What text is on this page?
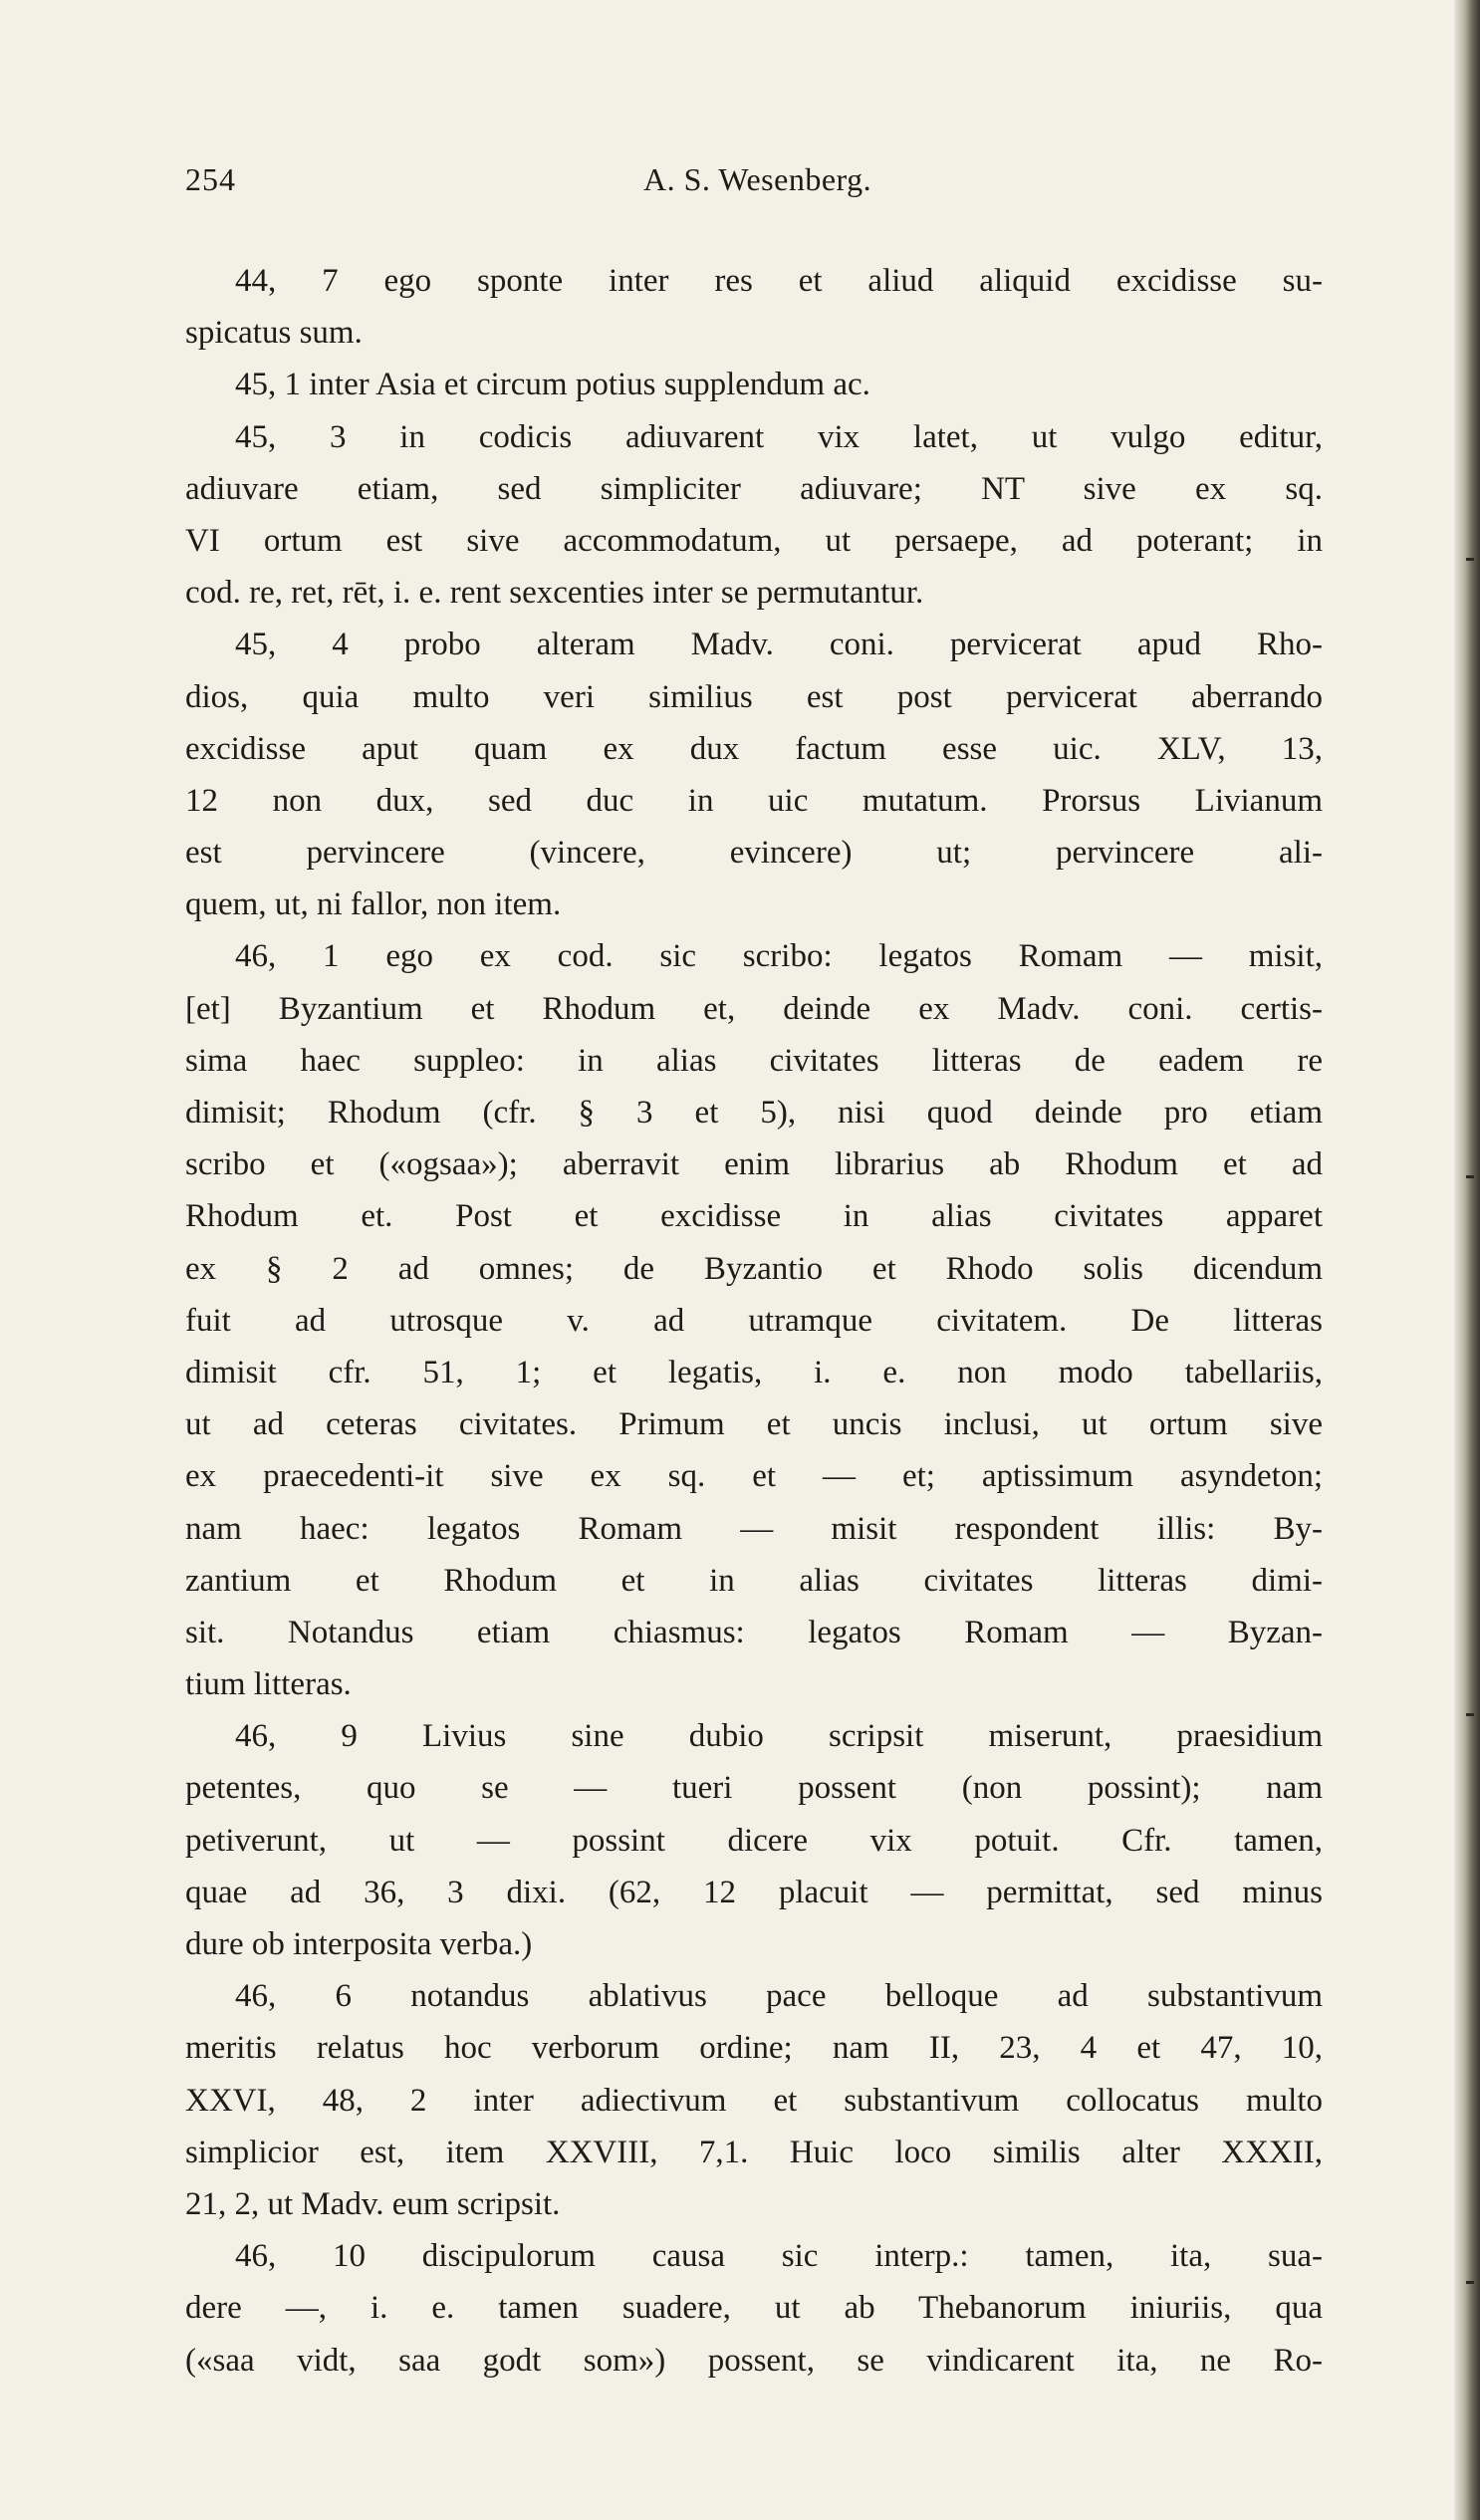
254	A. S. Wesenberg.
44, 7 ego sponte inter res et aliud aliquid excidisse su-
spicatus sum.
45, 1 inter Asia et circum potius supplendum ac.
45, 3 in codicis adiuvarent vix latet, ut vulgo editur,
adiuvare etiam, sed simpliciter adiuvare; NT sive ex sq.
VI ortum est sive accommodatum, ut persaepe, ad poterant; in
cod. re, ret, rēt, i. e. rent sexcenties inter se permutantur.
45, 4 probo alteram Madv. coni. pervicerat apud Rho-
dios, quia multo veri similius est post pervicerat aberrando
excidisse aput quam ex dux factum esse uic. XLV, 13,
12 non dux, sed duc in uic mutatum. Prorsus Livianum
est pervincere (vincere, evincere) ut; pervincere ali-
quem, ut, ni fallor, non item.
46, 1 ego ex cod. sic scribo: legatos Romam — misit,
[et] Byzantium et Rhodum et, deinde ex Madv. coni. certis-
sima haec suppleo: in alias civitates litteras de eadem re
dimisit; Rhodum (cfr. § 3 et 5), nisi quod deinde pro etiam
scribo et («ogsaa»); aberravit enim librarius ab Rhodum et ad
Rhodum et. Post et excidisse in alias civitates apparet
ex § 2 ad omnes; de Byzantio et Rhodo solis dicendum
fuit ad utrosque v. ad utramque civitatem. De litteras
dimisit cfr. 51, 1; et legatis, i. e. non modo tabellariis,
ut ad ceteras civitates. Primum et uncis inclusi, ut ortum sive
ex praecedenti-it sive ex sq. et — et; aptissimum asyndeton;
nam haec: legatos Romam — misit respondent illis: By-
zantium et Rhodum et in alias civitates litteras dimi-
sit. Notandus etiam chiasmus: legatos Romam — Byzan-
tium litteras.
46, 9 Livius sine dubio scripsit miserunt, praesidium
petentes, quo se — tueri possent (non possint); nam
petiverunt, ut — possint dicere vix potuit. Cfr. tamen,
quae ad 36, 3 dixi. (62, 12 placuit — permittat, sed minus
dure ob interposita verba.)
46, 6 notandus ablativus pace belloque ad substantivum
meritis relatus hoc verborum ordine; nam II, 23, 4 et 47, 10,
XXVI, 48, 2 inter adiectivum et substantivum collocatus multo
simplicior est, item XXVIII, 7,1. Huic loco similis alter XXXII,
21, 2, ut Madv. eum scripsit.
46, 10 discipulorum causa sic interp.: tamen, ita, sua-
dere —, i. e. tamen suadere, ut ab Thebanorum iniuriis, qua
(«saa vidt, saa godt som») possent, se vindicarent ita, ne Ro-
